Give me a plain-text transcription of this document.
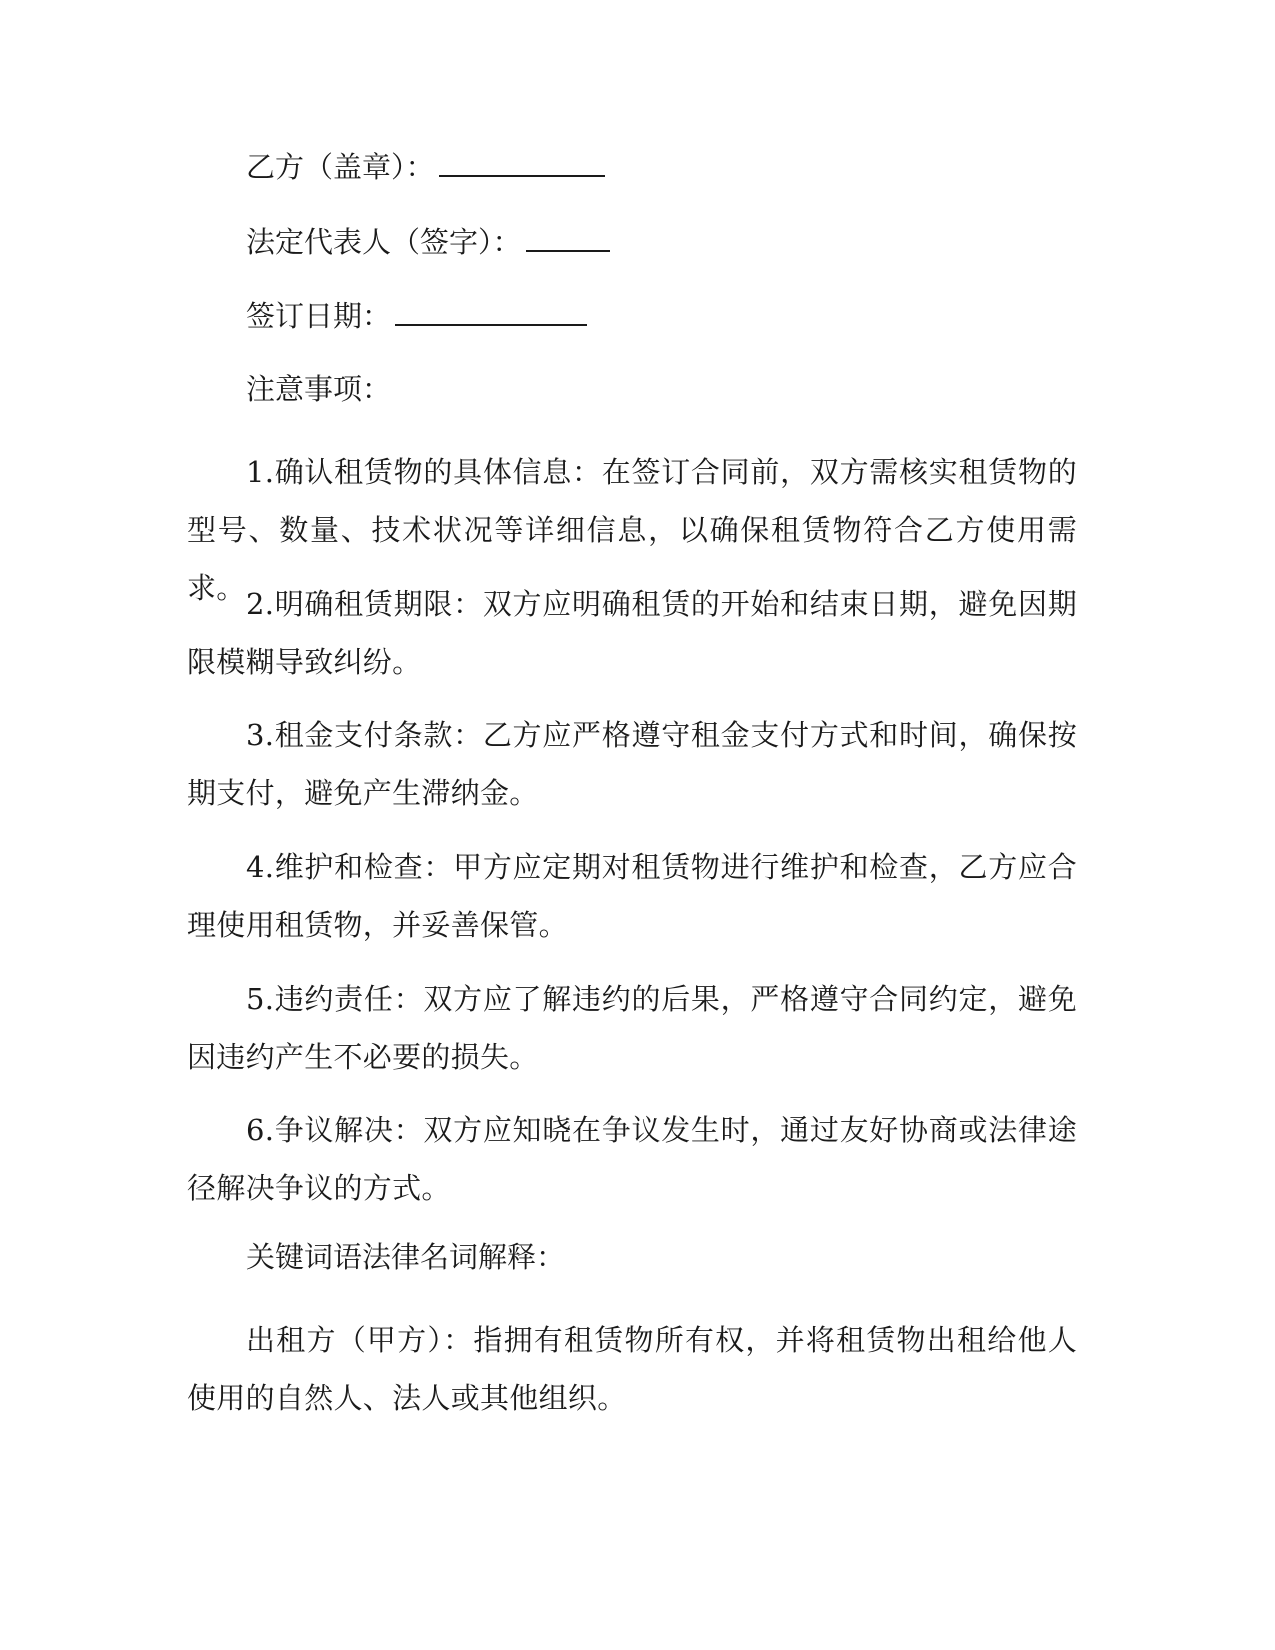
乙方（盖章）：
法定代表人（签字）：
签订日期：
注意事项：
1.确认租赁物的具体信息：在签订合同前，双方需核实租赁物的型号、数量、技术状况等详细信息，以确保租赁物符合乙方使用需求。 2.明确租赁期限：双方应明确租赁的开始和结束日期，避免因期限模糊导致纠纷。
3.租金支付条款：乙方应严格遵守租金支付方式和时间，确保按期支付，避免产生滞纳金。
4.维护和检查：甲方应定期对租赁物进行维护和检查，乙方应合理使用租赁物，并妥善保管。
5.违约责任：双方应了解违约的后果，严格遵守合同约定，避免因违约产生不必要的损失。
6.争议解决：双方应知晓在争议发生时，通过友好协商或法律途径解决争议的方式。
关键词语法律名词解释：
出租方（甲方）：指拥有租赁物所有权，并将租赁物出租给他人使用的自然人、法人或其他组织。
